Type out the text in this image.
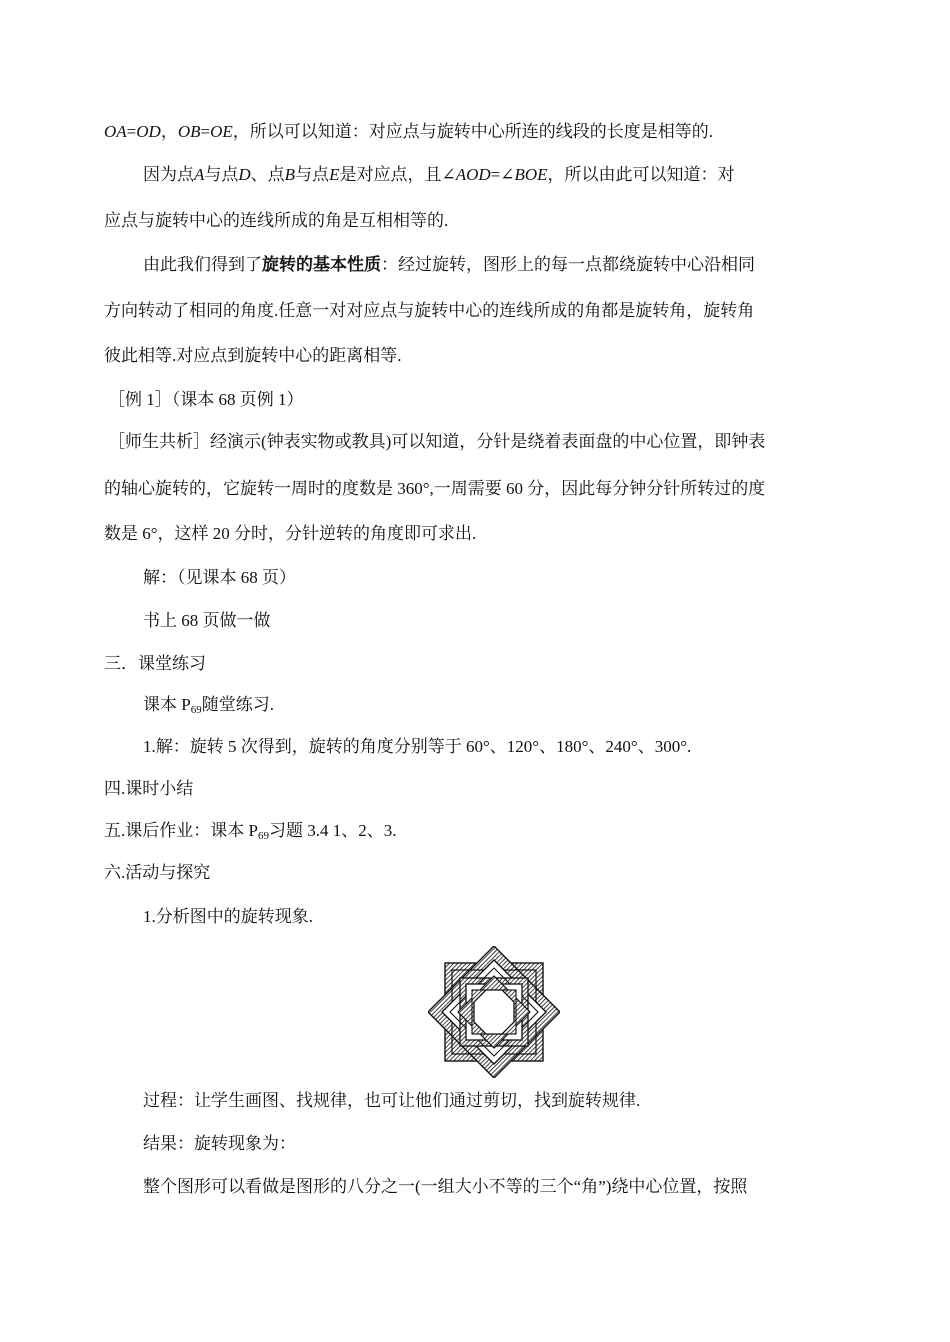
OA=OD，OB=OE，所以可以知道：对应点与旋转中心所连的线段的长度是相等的.
因为点A与点D、点B与点E是对应点，且∠AOD=∠BOE，所以由此可以知道：对
应点与旋转中心的连线所成的角是互相相等的.
由此我们得到了旋转的基本性质：经过旋转，图形上的每一点都绕旋转中心沿相同
方向转动了相同的角度.任意一对对应点与旋转中心的连线所成的角都是旋转角，旋转角
彼此相等.对应点到旋转中心的距离相等.
［例 1］（课本 68 页例 1）
［师生共析］经演示(钟表实物或教具)可以知道，分针是绕着表面盘的中心位置，即钟表
的轴心旋转的，它旋转一周时的度数是 360°,一周需要 60 分，因此每分钟分针所转过的度
数是 6°，这样 20 分时，分针逆转的角度即可求出.
解：（见课本 68 页）
书上 68 页做一做
三．课堂练习
课本 $P_{69}$随堂练习.
1.解：旋转 5 次得到，旋转的角度分别等于 60°、120°、180°、240°、300°.
四.课时小结
五.课后作业：课本 $P_{69}$习题 3.4 1、2、3.
六.活动与探究
1.分析图中的旋转现象.
过程：让学生画图、找规律，也可让他们通过剪切，找到旋转规律.
结果：旋转现象为：
整个图形可以看做是图形的八分之一(一组大小不等的三个“角”)绕中心位置，按照
